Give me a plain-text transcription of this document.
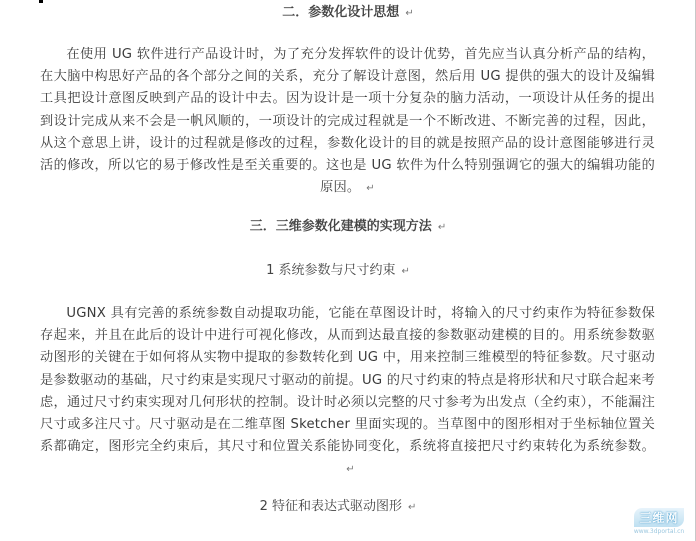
二．参数化设计思想 ↵
在使用 UG 软件进行产品设计时，为了充分发挥软件的设计优势，首先应当认真分析产品的结构，在大脑中构思好产品的各个部分之间的关系，充分了解设计意图，然后用 UG 提供的强大的设计及编辑工具把设计意图反映到产品的设计中去。因为设计是一项十分复杂的脑力活动，一项设计从任务的提出到设计完成从来不会是一帆风顺的，一项设计的完成过程就是一个不断改进、不断完善的过程，因此，从这个意思上讲，设计的过程就是修改的过程，参数化设计的目的就是按照产品的设计意图能够进行灵活的修改，所以它的易于修改性是至关重要的。这也是 UG 软件为什么特别强调它的强大的编辑功能的原因。 ↵
三．三维参数化建模的实现方法 ↵
1 系统参数与尺寸约束 ↵
UGNX 具有完善的系统参数自动提取功能，它能在草图设计时，将输入的尺寸约束作为特征参数保存起来，并且在此后的设计中进行可视化修改，从而到达最直接的参数驱动建模的目的。用系统参数驱动图形的关键在于如何将从实物中提取的参数转化到 UG 中，用来控制三维模型的特征参数。尺寸驱动是参数驱动的基础，尺寸约束是实现尺寸驱动的前提。UG 的尺寸约束的特点是将形状和尺寸联合起来考虑，通过尺寸约束实现对几何形状的控制。设计时必须以完整的尺寸参考为出发点（全约束），不能漏注尺寸或多注尺寸。尺寸驱动是在二维草图 Sketcher 里面实现的。当草图中的图形相对于坐标轴位置关系都确定，图形完全约束后，其尺寸和位置关系能协同变化，系统将直接把尺寸约束转化为系统参数。↵
2 特征和表达式驱动图形 ↵
三维网
www.3dportal.cn
